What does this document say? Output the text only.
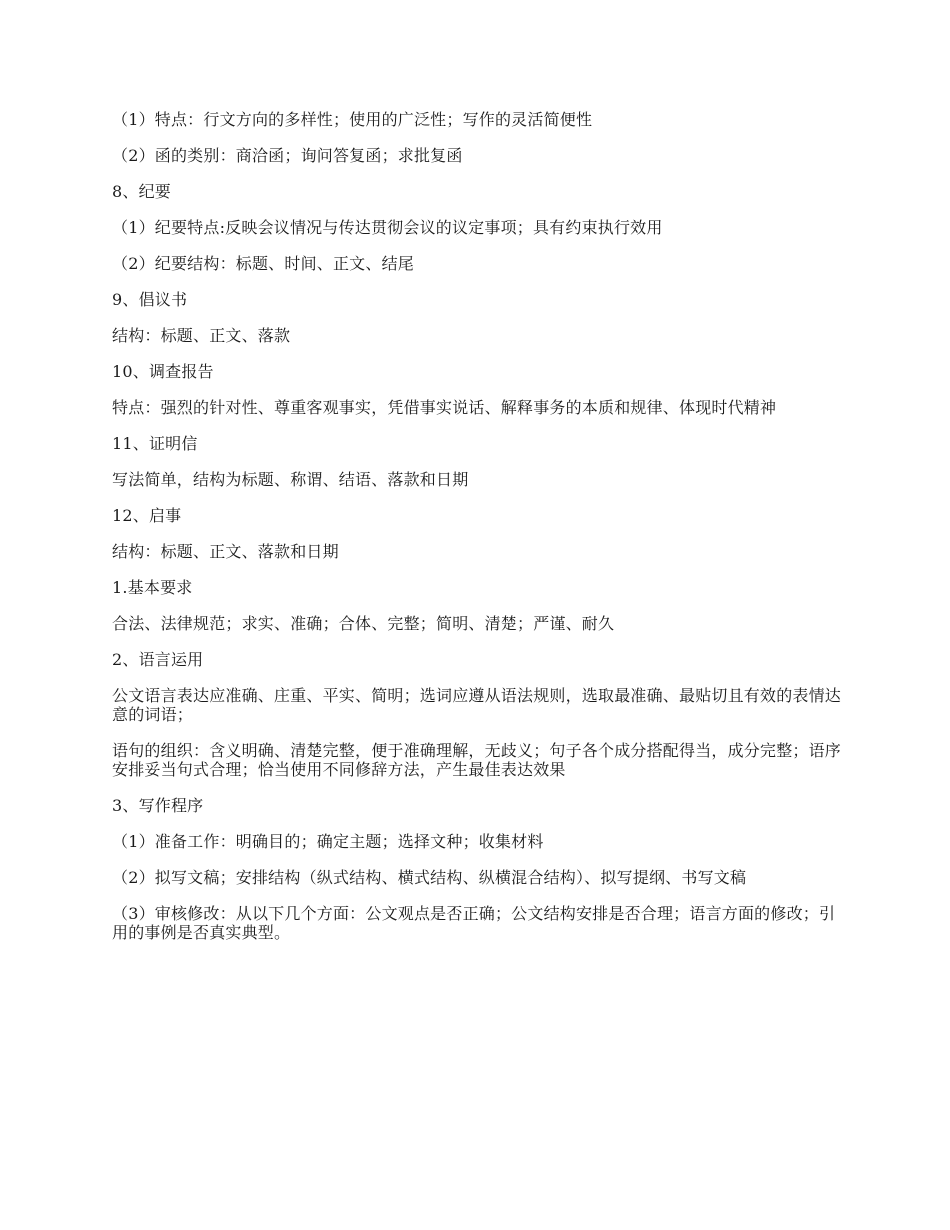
（1）特点：行文方向的多样性；使用的广泛性；写作的灵活简便性

（2）函的类别：商洽函；询问答复函；求批复函

8、纪要

（1）纪要特点:反映会议情况与传达贯彻会议的议定事项；具有约束执行效用

（2）纪要结构：标题、时间、正文、结尾

9、倡议书

结构：标题、正文、落款

10、调查报告

特点：强烈的针对性、尊重客观事实，凭借事实说话、解释事务的本质和规律、体现时代精神

11、证明信

写法简单，结构为标题、称谓、结语、落款和日期

12、启事

结构：标题、正文、落款和日期

1.基本要求

合法、法律规范；求实、准确；合体、完整；简明、清楚；严谨、耐久

2、语言运用

公文语言表达应准确、庄重、平实、简明；选词应遵从语法规则，选取最准确、最贴切且有效的表情达意的词语；

语句的组织：含义明确、清楚完整，便于准确理解，无歧义；句子各个成分搭配得当，成分完整；语序安排妥当句式合理；恰当使用不同修辞方法，产生最佳表达效果

3、写作程序

（1）准备工作：明确目的；确定主题；选择文种；收集材料

（2）拟写文稿；安排结构（纵式结构、横式结构、纵横混合结构）、拟写提纲、书写文稿

（3）审核修改：从以下几个方面：公文观点是否正确；公文结构安排是否合理；语言方面的修改；引用的事例是否真实典型。
